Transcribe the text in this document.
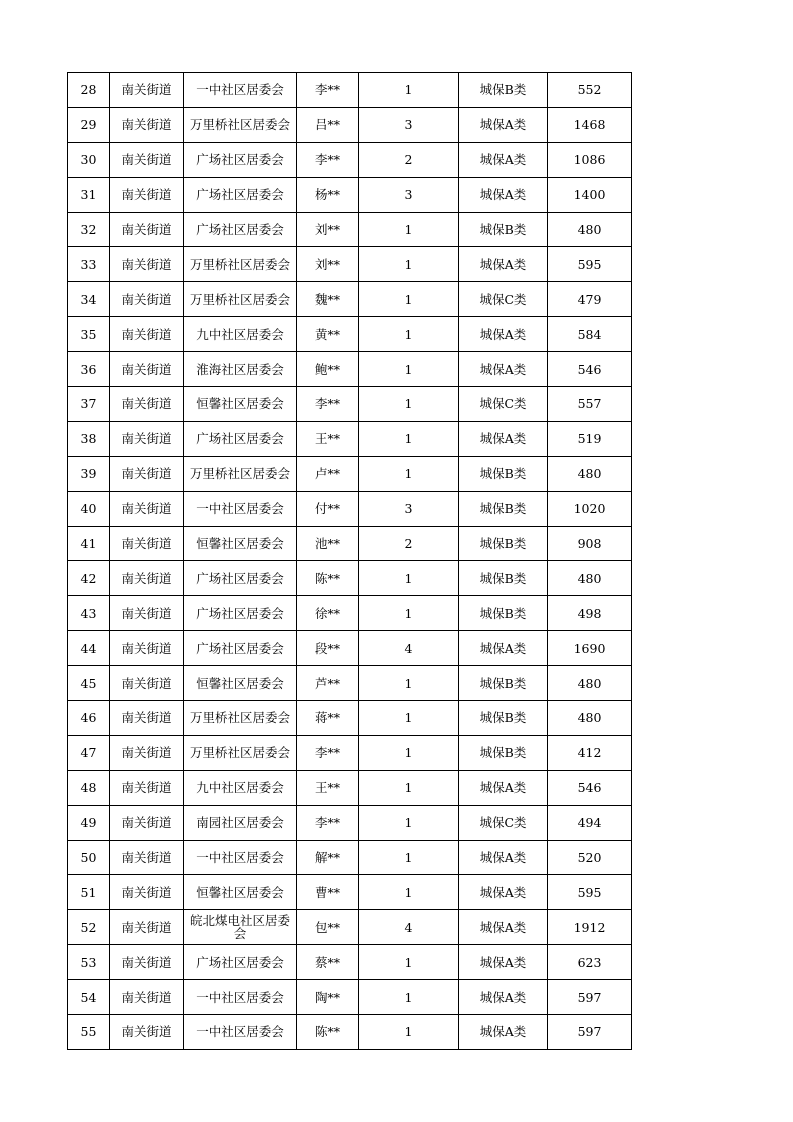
28	南关街道	一中社区居委会	李**	1	城保B类	552
29	南关街道	万里桥社区居委会	吕**	3	城保A类	1468
30	南关街道	广场社区居委会	李**	2	城保A类	1086
31	南关街道	广场社区居委会	杨**	3	城保A类	1400
32	南关街道	广场社区居委会	刘**	1	城保B类	480
33	南关街道	万里桥社区居委会	刘**	1	城保A类	595
34	南关街道	万里桥社区居委会	魏**	1	城保C类	479
35	南关街道	九中社区居委会	黄**	1	城保A类	584
36	南关街道	淮海社区居委会	鲍**	1	城保A类	546
37	南关街道	恒馨社区居委会	李**	1	城保C类	557
38	南关街道	广场社区居委会	王**	1	城保A类	519
39	南关街道	万里桥社区居委会	卢**	1	城保B类	480
40	南关街道	一中社区居委会	付**	3	城保B类	1020
41	南关街道	恒馨社区居委会	池**	2	城保B类	908
42	南关街道	广场社区居委会	陈**	1	城保B类	480
43	南关街道	广场社区居委会	徐**	1	城保B类	498
44	南关街道	广场社区居委会	段**	4	城保A类	1690
45	南关街道	恒馨社区居委会	芦**	1	城保B类	480
46	南关街道	万里桥社区居委会	蒋**	1	城保B类	480
47	南关街道	万里桥社区居委会	李**	1	城保B类	412
48	南关街道	九中社区居委会	王**	1	城保A类	546
49	南关街道	南园社区居委会	李**	1	城保C类	494
50	南关街道	一中社区居委会	解**	1	城保A类	520
51	南关街道	恒馨社区居委会	曹**	1	城保A类	595
52	南关街道	皖北煤电社区居委会	包**	4	城保A类	1912
53	南关街道	广场社区居委会	蔡**	1	城保A类	623
54	南关街道	一中社区居委会	陶**	1	城保A类	597
55	南关街道	一中社区居委会	陈**	1	城保A类	597
